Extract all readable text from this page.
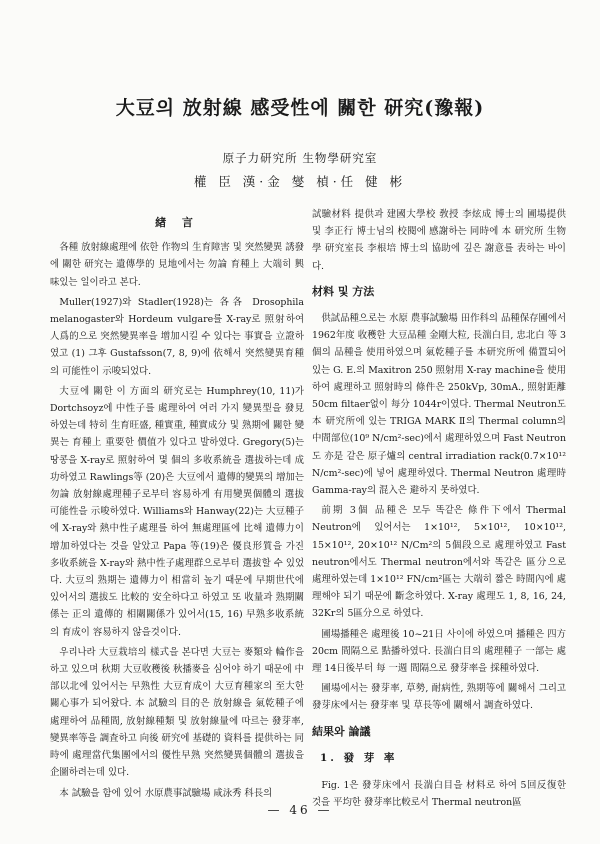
大豆의 放射線 感受性에 關한 研究(豫報)
原子力研究所 生物學研究室
權 臣 漢·金 燮 楨·任 健 彬
緖 言

各種 放射線處理에 依한 作物의 生育障害 및 突然變異 誘發에 關한 研究는 遺傳學的 見地에서는 勿論 育種上 大端히 興味있는 일이라고 본다.

Muller(1927)와 Stadler(1928)는 各各 Drosophila melanogaster와 Hordeum vulgare를 X-ray로 照射하여 人爲的으로 突然變異率을 增加시킬 수 있다는 事實을 立證하였고 (1) 그후 Gustafsson(7, 8, 9)에 依해서 突然變異育種의 可能性이 示唆되었다.

大豆에 關한 이 方面의 研究로는 Humphrey(10, 11)가 Dortchsoyz에 中性子를 處理하여 여러 가지 變異型을 發見하였는데 特히 生育旺盛, 種實重, 種實成分 및 熟期에 關한 變異는 育種上 重要한 價值가 있다고 발하였다. Gregory(5)는 땅콩을 X-ray로 照射하여 몇 個의 多收系統을 選拔하는데 成功하였고 Rawlings等 (20)은 大豆에서 遺傳的變異의 增加는 勿論 放射線處理種子로부터 容易하게 有用變異個體의 選拔 可能性을 示唆하였다. Williams와 Hanway(22)는 大豆種子에 X-ray와 熱中性子處理를 하여 無處理區에 比해 遺傳力이 增加하였다는 것을 알았고 Papa 等(19)은 優良形質을 가진 多收系統을 X-ray와 熱中性子處理群으로부터 選拔할 수 있었다. 大豆의 熟期는 遺傳力이 相當히 높기 때문에 早期世代에 있어서의 選拔도 比較的 安全하다고 하였고 또 收量과 熟期關係는 正의 遺傳的 相關關係가 있어서(15, 16) 早熟多收系統의 育成이 容易하지 않을것이다.

우리나라 大豆栽培의 樣式을 본다면 大豆는 麥類와 輪作을 하고 있으며 秋期 大豆收穫後 秋播麥을 심어야 하기 때문에 中部以北에 있어서는 早熟性 大豆育成이 大豆育種家의 至大한 關心事가 되어왔다. 本 試驗의 目的은 放射線을 氣乾種子에 處理하여 品種間, 放射線種類 및 放射線量에 따르는 發芽率, 變異率等을 調査하고 向後 研究에 基礎的 資料를 提供하는 同時에 處理當代集團에서의 優性早熟 突然變異個體의 選拔을 企圖하려는데 있다.

本 試驗을 함에 있어 水原農事試驗場 咸泳秀 科長의

試驗材料 提供과 建國大學校 敎授 李炫成 博士의 圃場提供 및 李正行 博士님의 校閱에 感謝하는 同時에 本 研究所 生物學 研究室長 李根培 博士의 協助에 깊은 謝意를 表하는 바이다.

材料 및 方法

供試品種으로는 水原 農事試驗場 田作科의 品種保存圃에서 1962年度 收穫한 大豆品種 金剛大粒, 長湍白目, 忠北白 等 3個의 品種을 使用하였으며 氣乾種子를 本研究所에 備置되어 있는 G. E.의 Maxitron 250 照射用 X-ray machine을 使用하여 處理하고 照射時의 條件은 250kVp, 30mA., 照射距離 50cm filtaer없이 每分 1044r이였다. Thermal Neutron도 本 研究所에 있는 TRIGA MARK Ⅱ의 Thermal column의 中間部位(10⁹ N/cm²-sec)에서 處理하였으며 Fast Neutron도 亦是 같은 原子爐의 central irradiation rack(0.7×10¹² N/cm²-sec)에 넣어 處理하였다. Thermal Neutron 處理時 Gamma-ray의 混入은 避하지 못하였다.

前期 3個 品種은 모두 똑같은 條件下에서 Thermal Neutron에 있어서는 1×10¹², 5×10¹², 10×10¹², 15×10¹², 20×10¹² N/Cm²의 5個段으로 處理하였고 Fast neutron에서도 Thermal neutron에서와 똑같은 區分으로 處理하였는데 1×10¹² FN/cm²區는 大端히 짧은 時間內에 處理해야 되기 때문에 斷念하였다. X-ray 處理도 1, 8, 16, 24, 32Kr의 5區分으로 하였다.

圃場播種은 處理後 10~21日 사이에 하였으며 播種은 四方 20cm 間隔으로 點播하였다. 長湍白目의 處理種子 一部는 處理 14日後부터 每 一週 間隔으로 發芽率을 採種하였다.

圃場에서는 發芽率, 草勢, 耐病性, 熟期等에 關해서 그리고 發芽床에서는 發芽率 및 草長等에 關해서 調査하였다.

結果와 論議
1. 發 芽 率

Fig. 1은 發芽床에서 長湍白目을 材料로 하여 5回反復한 것을 平均한 發芽率比較로서 Thermal neutron區

— 46 —
